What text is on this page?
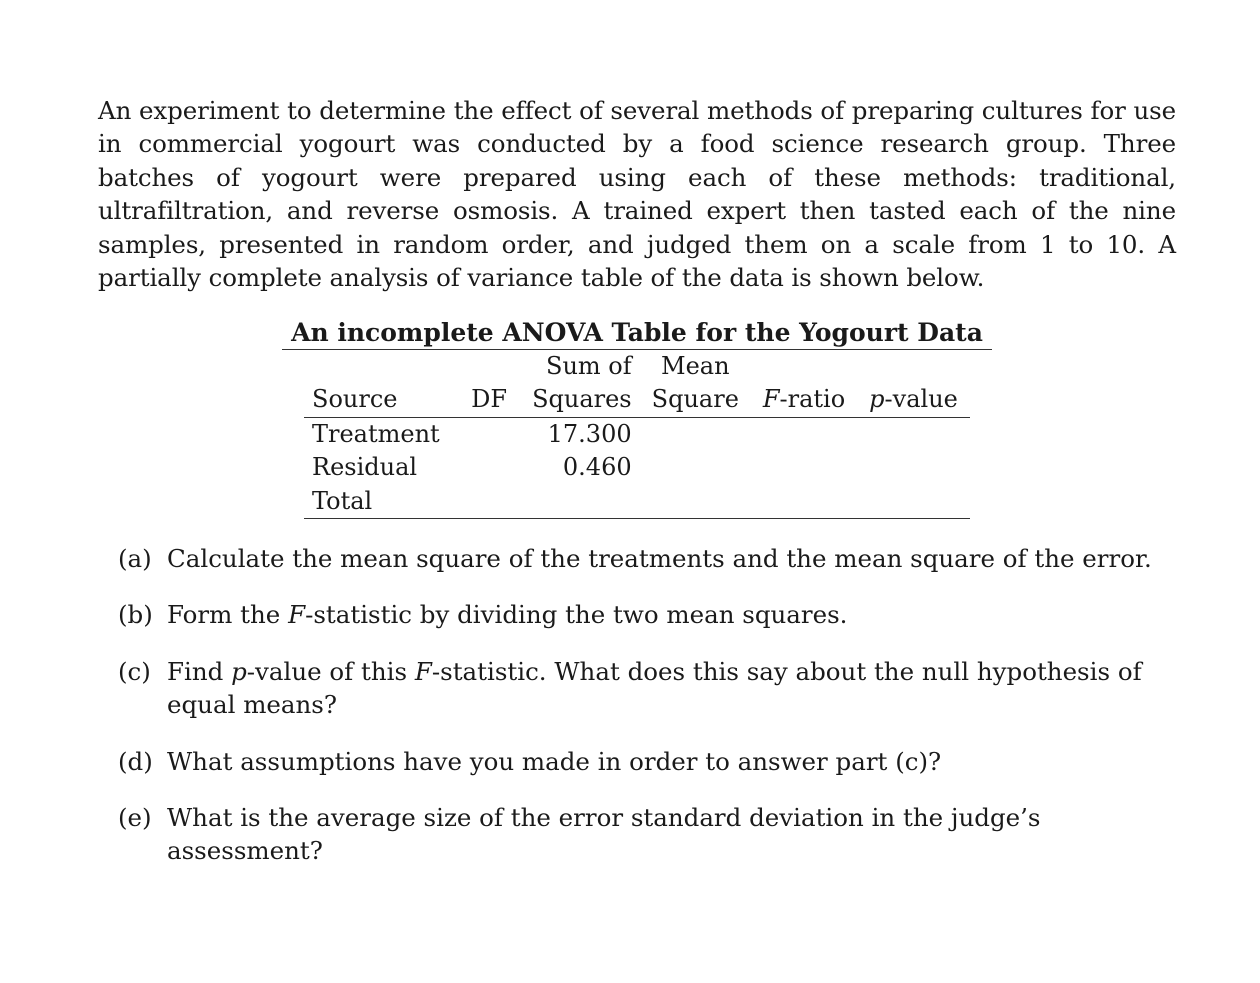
An experiment to determine the effect of several methods of preparing cultures for use in commercial yogourt was conducted by a food science research group. Three batches of yogourt were prepared using each of these methods: traditional, ultrafiltration, and reverse osmosis. A trained expert then tasted each of the nine samples, presented in random order, and judged them on a scale from 1 to 10. A partially complete analysis of variance table of the data is shown below.

An incomplete ANOVA Table for the Yogourt Data
		Sum of	Mean		
Source	DF	Squares	Square	F-ratio	p-value
Treatment		17.300			
Residual		0.460			
Total					
(a) Calculate the mean square of the treatments and the mean square of the error.
(b) Form the F-statistic by dividing the two mean squares.
(c) Find p-value of this F-statistic. What does this say about the null hypothesis of equal means?
(d) What assumptions have you made in order to answer part (c)?
(e) What is the average size of the error standard deviation in the judge’s assessment?
